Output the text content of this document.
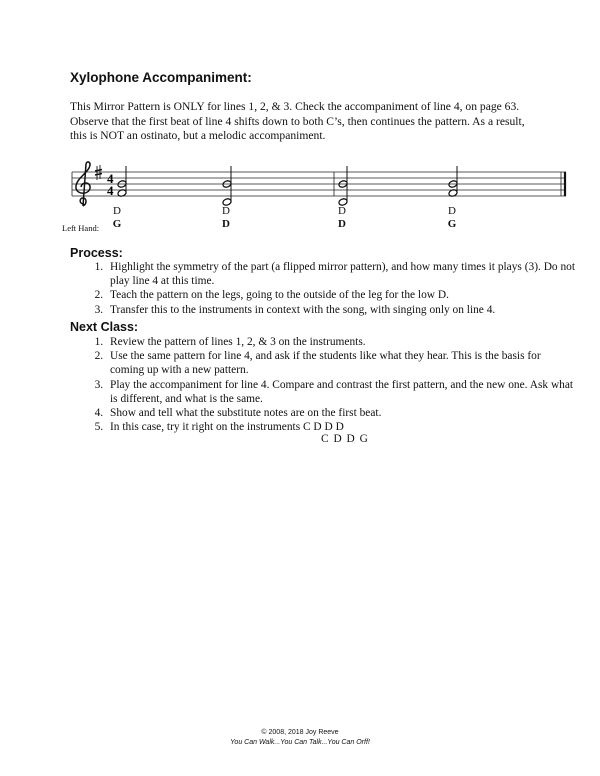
Xylophone Accompaniment:
This Mirror Pattern is ONLY for lines 1, 2, & 3. Check the accompaniment of line 4, on page 63. Observe that the first beat of line 4 shifts down to both C’s, then continues the pattern. As a result, this is NOT an ostinato, but a melodic accompaniment.
4
4
Left Hand:
D
G
D
D
D
D
D
G
Process:
1. Highlight the symmetry of the part (a flipped mirror pattern), and how many times it plays (3). Do not play line 4 at this time.
2. Teach the pattern on the legs, going to the outside of the leg for the low D.
3. Transfer this to the instruments in context with the song, with singing only on line 4.
Next Class:
1. Review the pattern of lines 1, 2, & 3 on the instruments.
2. Use the same pattern for line 4, and ask if the students like what they hear. This is the basis for coming up with a new pattern.
3. Play the accompaniment for line 4. Compare and contrast the first pattern, and the new one. Ask what is different, and what is the same.
4. Show and tell what the substitute notes are on the first beat.
5. In this case, try it right on the instruments C D D D
C D D G
© 2008, 2018 Joy Reeve
You Can Walk...You Can Talk...You Can Orff!
